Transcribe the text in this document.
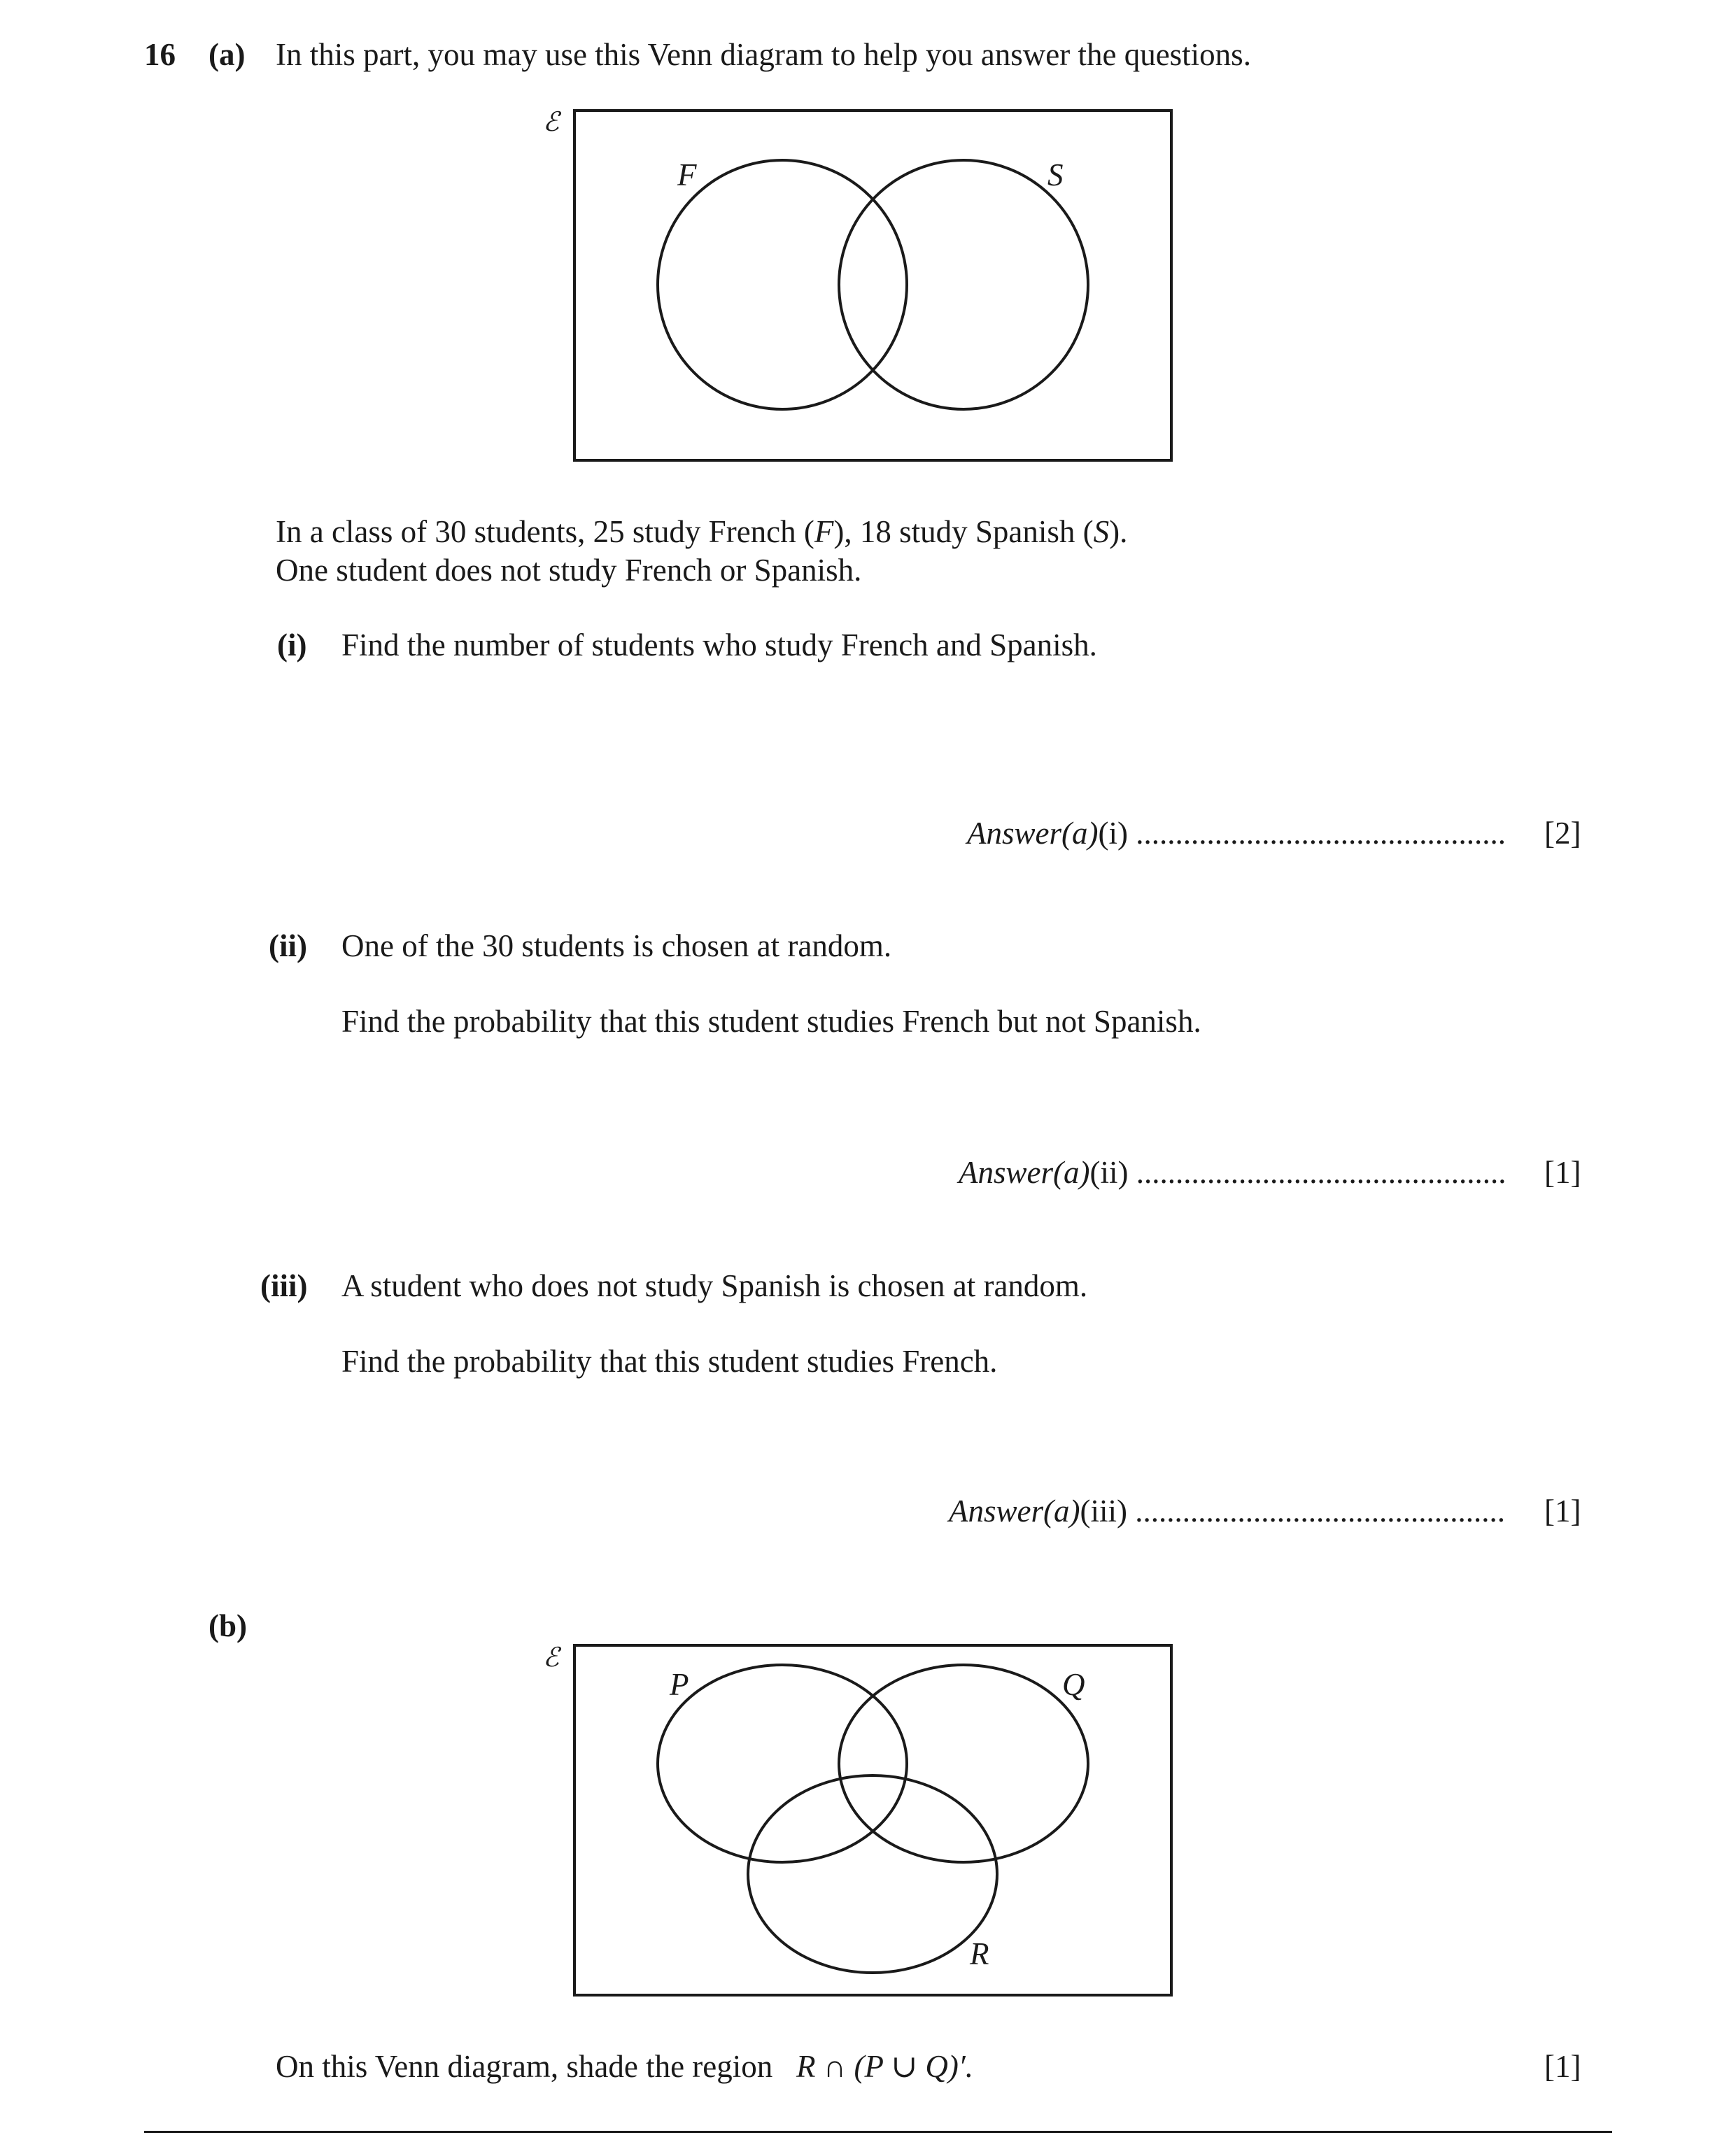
16 (a) In this part, you may use this Venn diagram to help you answer the questions.
ℰ
F	S
In a class of 30 students, 25 study French (F), 18 study Spanish (S).
One student does not study French or Spanish.
(i) Find the number of students who study French and Spanish.
Answer(a)(i) ............................................... [2]
(ii) One of the 30 students is chosen at random.
Find the probability that this student studies French but not Spanish.
Answer(a)(ii) ............................................... [1]
(iii) A student who does not study Spanish is chosen at random.
Find the probability that this student studies French.
Answer(a)(iii) ............................................... [1]
(b)
ℰ
P	Q
R
On this Venn diagram, shade the region R ∩ (P ∪ Q)′.	[1]
